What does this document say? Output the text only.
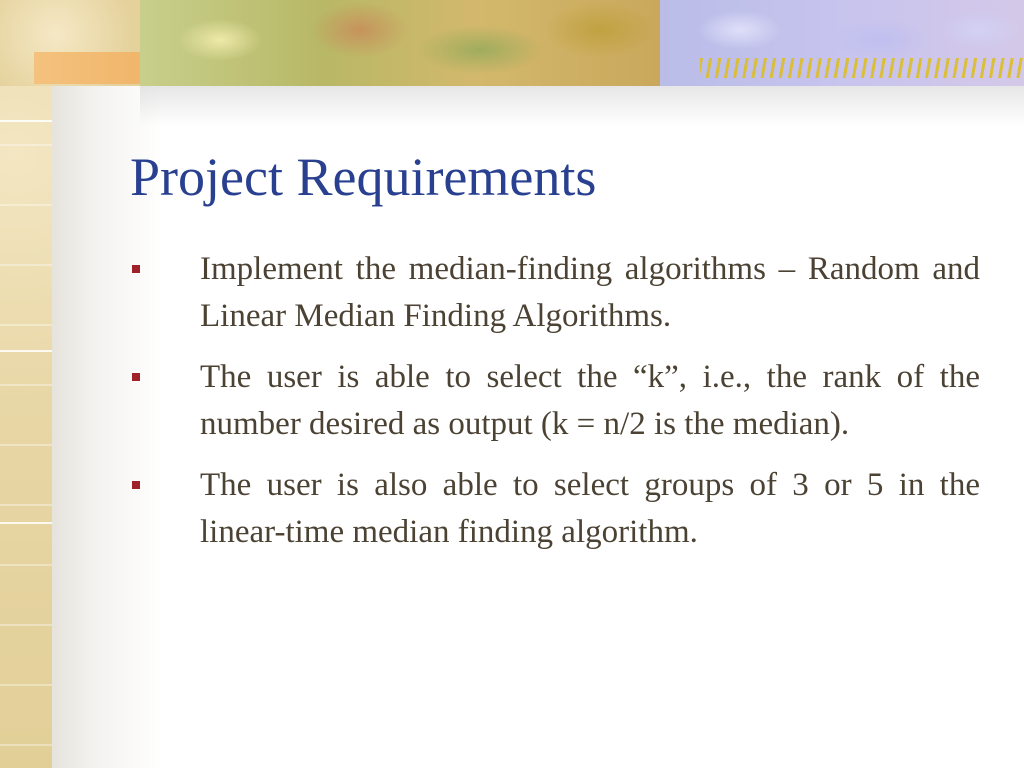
Project Requirements
Implement the median-finding algorithms – Random and Linear Median Finding Algorithms.
The user is able to select the “k”, i.e., the rank of the number desired as output (k = n/2 is the median).
The user is also able to select groups of 3 or 5 in the linear-time median finding algorithm.
